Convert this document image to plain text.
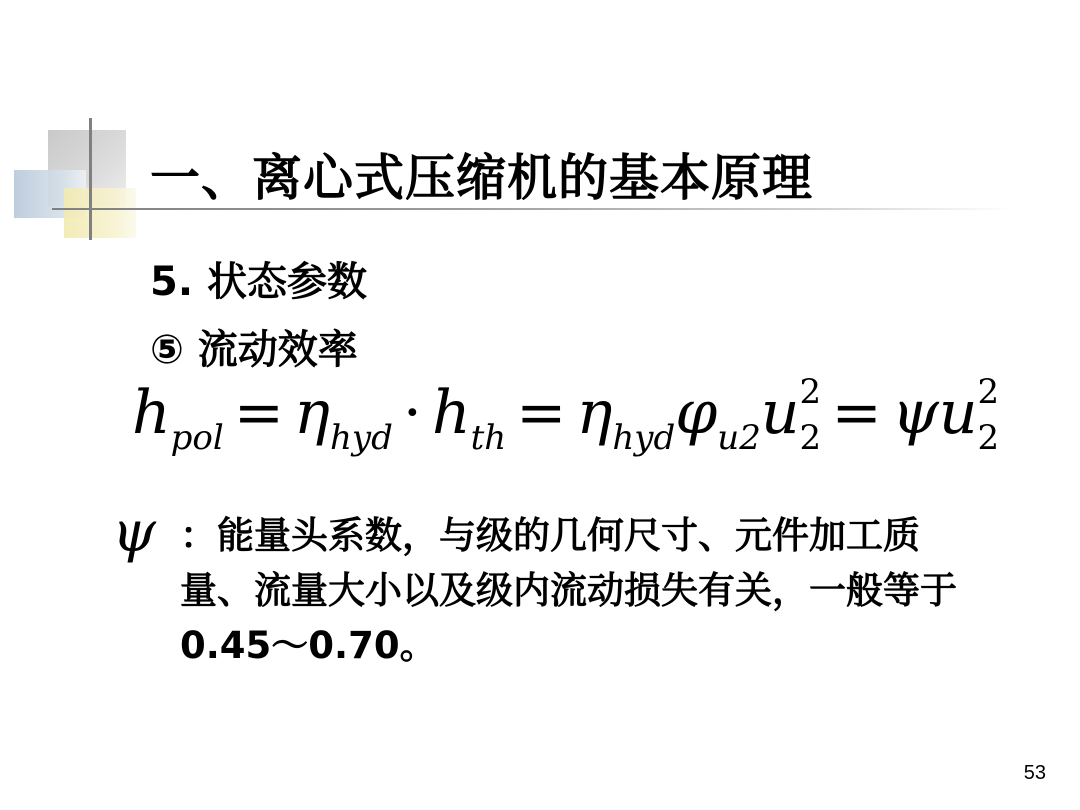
一、离心式压缩机的基本原理
5. 状态参数
⑤ 流动效率
$h_{pol} = \eta_{hyd} \cdot h_{th} = \eta_{hyd}\varphi_{u2}u$ 2
2 = ψu 2
2
ψ ：能量头系数，与级的几何尺寸、元件加工质量、流量大小以及级内流动损失有关，一般等于0.45～0.70。
53
